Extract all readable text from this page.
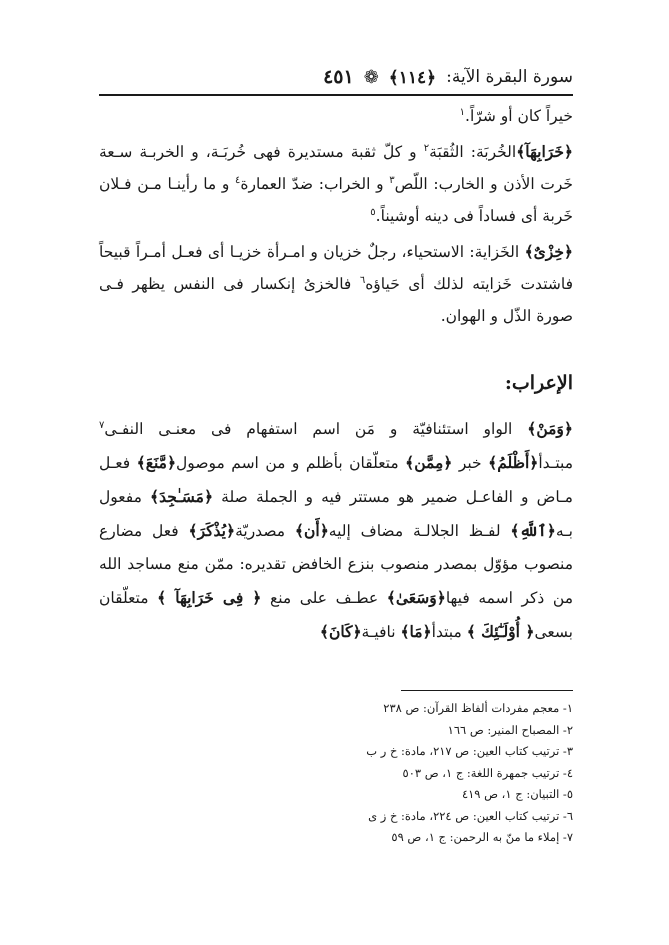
سورة البقرة الآية:
﴿١١٤﴾
❁
٤٥١

خيراً كان أو شرّاً.$^١$

﴿خَرَابِهَآ﴾الخُربَة: الثُقبَة$^٢$ و كلّ ثقبة مستديرة فهى خُربَـة، و الخربـة سـعة خَرت الأذن و الخارب: اللّص$^٣$ و الخراب: ضدّ العمارة$^٤$ و ما رأينـا مـن فـلان خَربة أى فساداً فى دينه أوشيناً.$^٥$

﴿خِزْىٌ﴾ الخَزاية: الاستحياء، رجلٌ خزيان و امـرأة خزيـا أى فعـل أمـراً قبيحاً فاشتدت خَزايته لذلك أى حَياؤه$^٦$ فالخزىُ إنكسار فى النفس يظهر فـى صورة الذّل و الهوان.

الإعراب:

﴿وَمَنْ﴾ الواو استئنافيّة و مَن اسم استفهام فى معنـى النفـى$^٧$ مبتـدأ﴿أَظْلَمُ﴾ خبر ﴿مِمَّن﴾ متعلّقان بأظلم و من اسم موصول﴿مَّنَعَ﴾ فعـل مـاض و الفاعـل ضمير هو مستتر فيه و الجملة صلة ﴿مَسَـٰجِدَ﴾ مفعول بـه﴿ٱللَّهِ﴾ لفـظ الجلالـة مضاف إليه﴿أَن﴾ مصدريّة﴿يُذْكَرَ﴾ فعل مضارع منصوب مؤوّل بمصدر منصوب بنزع الخافض تقديره: ممّن منع مساجد الله من ذكر اسمه فيها﴿وَسَعَىٰ﴾ عطـف على منع ﴿ فِى خَرَابِهَآ ﴾ متعلّقان بسعى﴿ أُوْلَـٰٓئِكَ ﴾ مبتدأ﴿مَا﴾ نافيـة﴿كَانَ﴾

١- معجم مفردات ألفاظ القرآن: ص ٢٣٨
٢- المصباح المنير: ص ١٦٦
٣- ترتيب كتاب العين: ص ٢١٧، مادة: خ ر ب
٤- ترتيب جمهرة اللغة: ج ١، ص ٥٠٣
٥- التبيان: ج ١، ص ٤١٩
٦- ترتيب كتاب العين: ص ٢٢٤، مادة: خ ز ى
٧- إملاء ما منّ به الرحمن: ج ١، ص ٥٩
